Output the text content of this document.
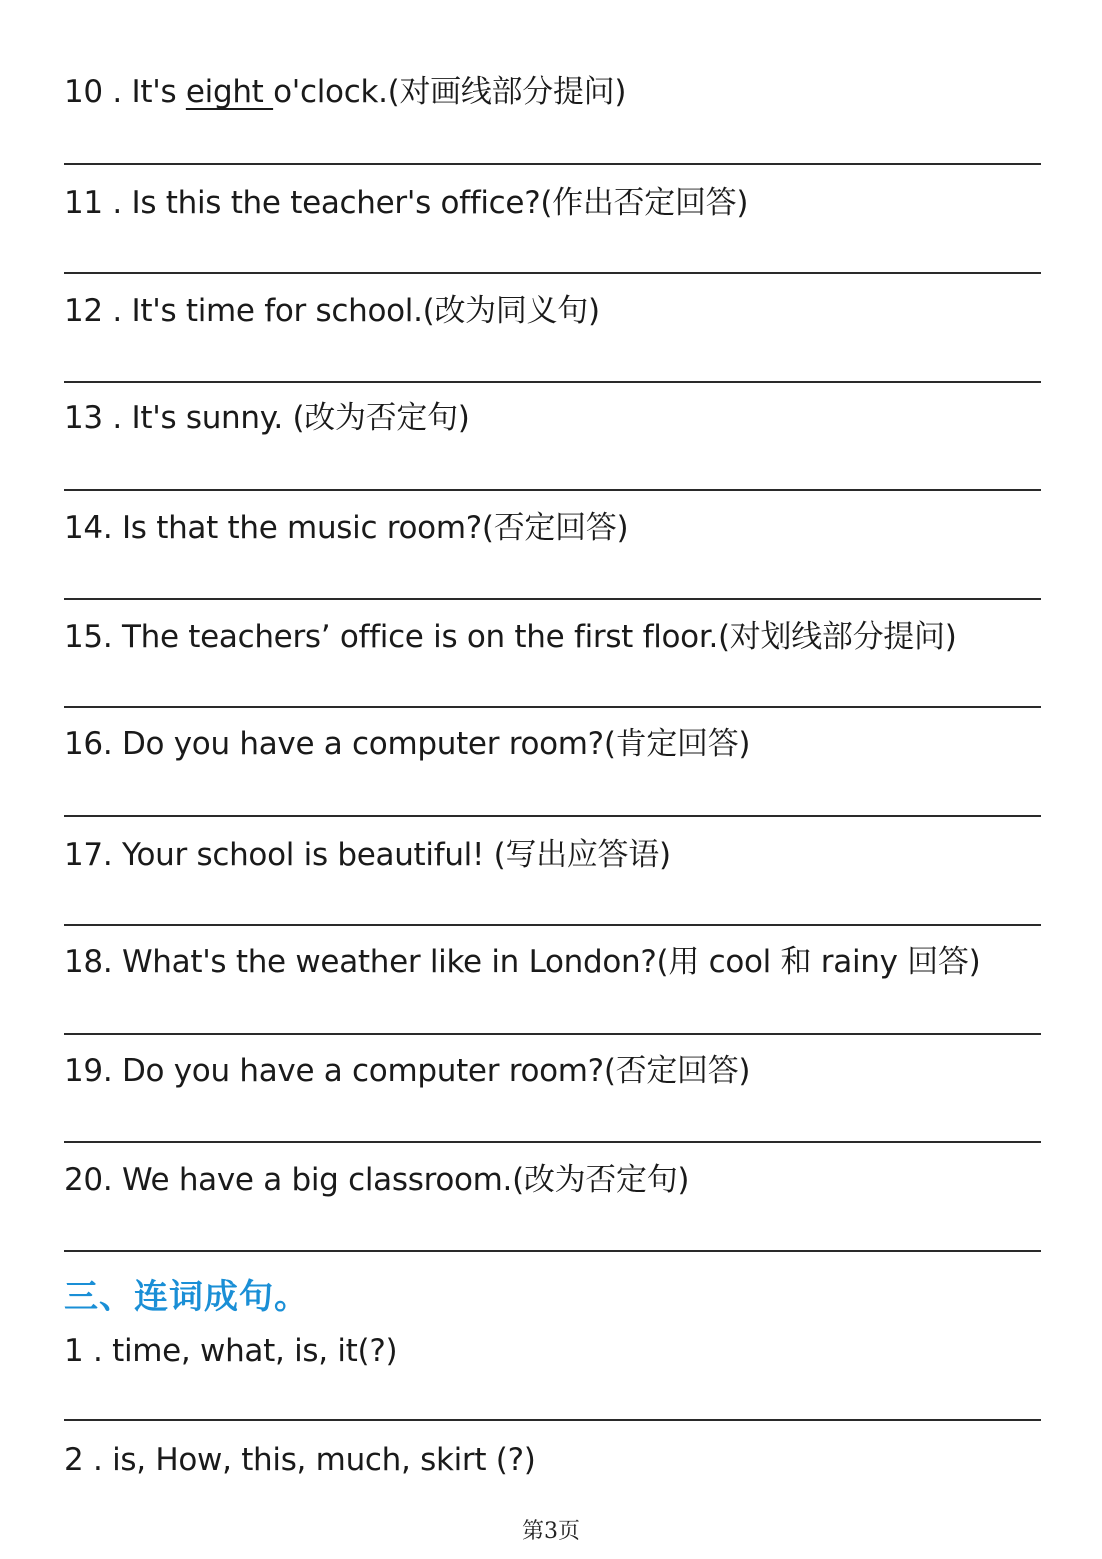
10 . It's eight o'clock.(对画线部分提问)
11 . Is this the teacher's office?(作出否定回答)
12 . It's time for school.(改为同义句)
13 . It's sunny. (改为否定句)
14. Is that the music room?(否定回答)
15. The teachers’ office is on the first floor.(对划线部分提问)
16. Do you have a computer room?(肯定回答)
17. Your school is beautiful! (写出应答语)
18. What's the weather like in London?(用 cool 和 rainy 回答)
19. Do you have a computer room?(否定回答)
20. We have a big classroom.(改为否定句)
三、连词成句。
1 . time, what, is, it(?)
2 . is, How, this, much, skirt (?)
第3页
